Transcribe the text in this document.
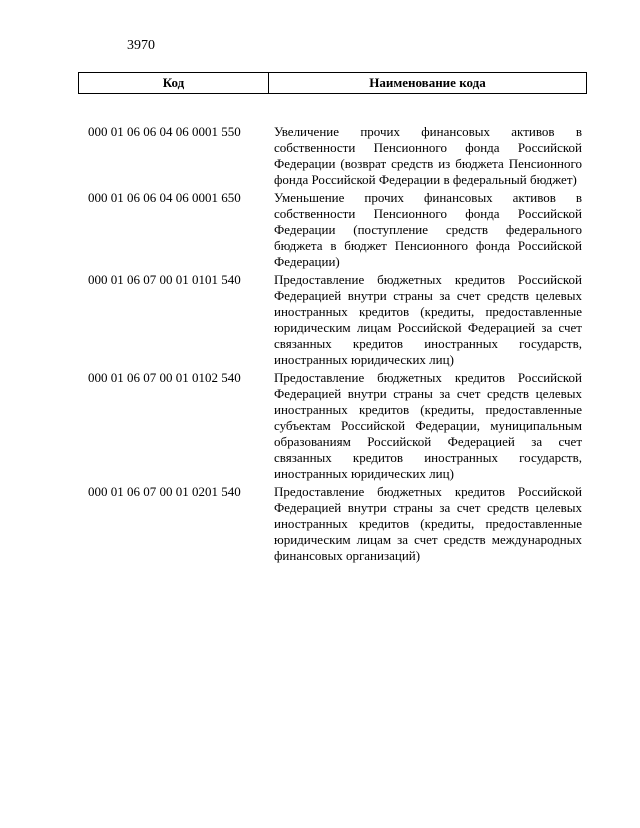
3970
Код	Наименование кода
000 01 06 06 04 06 0001 550	Увеличение прочих финансовых активов в собственности Пенсионного фонда Российской Федерации (возврат средств из бюджета Пенсионного фонда Российской Федерации в федеральный бюджет)
000 01 06 06 04 06 0001 650	Уменьшение прочих финансовых активов в собственности Пенсионного фонда Российской Федерации (поступление средств федерального бюджета в бюджет Пенсионного фонда Российской Федерации)
000 01 06 07 00 01 0101 540	Предоставление бюджетных кредитов Российской Федерацией внутри страны за счет средств целевых иностранных кредитов (кредиты, предоставленные юридическим лицам Российской Федерацией за счет связанных кредитов иностранных государств, иностранных юридических лиц)
000 01 06 07 00 01 0102 540	Предоставление бюджетных кредитов Российской Федерацией внутри страны за счет средств целевых иностранных кредитов (кредиты, предоставленные субъектам Российской Федерации, муниципальным образованиям Российской Федерацией за счет связанных кредитов иностранных государств, иностранных юридических лиц)
000 01 06 07 00 01 0201 540	Предоставление бюджетных кредитов Российской Федерацией внутри страны за счет средств целевых иностранных кредитов (кредиты, предоставленные юридическим лицам за счет средств международных финансовых организаций)
